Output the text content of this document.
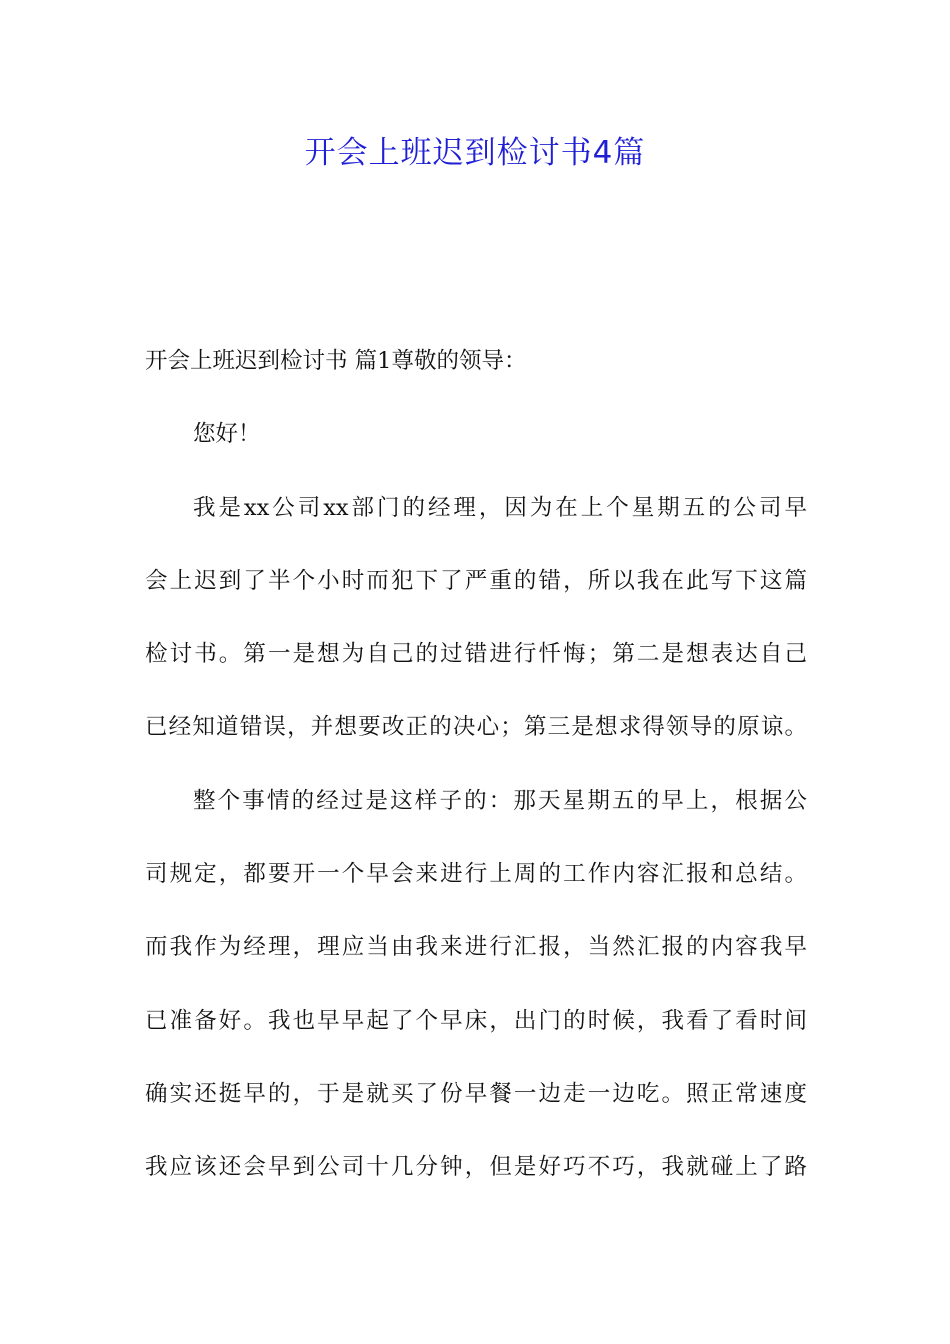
开会上班迟到检讨书4篇
开会上班迟到检讨书 篇1尊敬的领导：
您好！
我是xx公司xx部门的经理，因为在上个星期五的公司早
会上迟到了半个小时而犯下了严重的错，所以我在此写下这篇
检讨书。第一是想为自己的过错进行忏悔；第二是想表达自己
已经知道错误，并想要改正的决心；第三是想求得领导的原谅。
整个事情的经过是这样子的：那天星期五的早上，根据公
司规定，都要开一个早会来进行上周的工作内容汇报和总结。
而我作为经理，理应当由我来进行汇报，当然汇报的内容我早
已准备好。我也早早起了个早床，出门的时候，我看了看时间
确实还挺早的，于是就买了份早餐一边走一边吃。照正常速度
我应该还会早到公司十几分钟，但是好巧不巧，我就碰上了路
